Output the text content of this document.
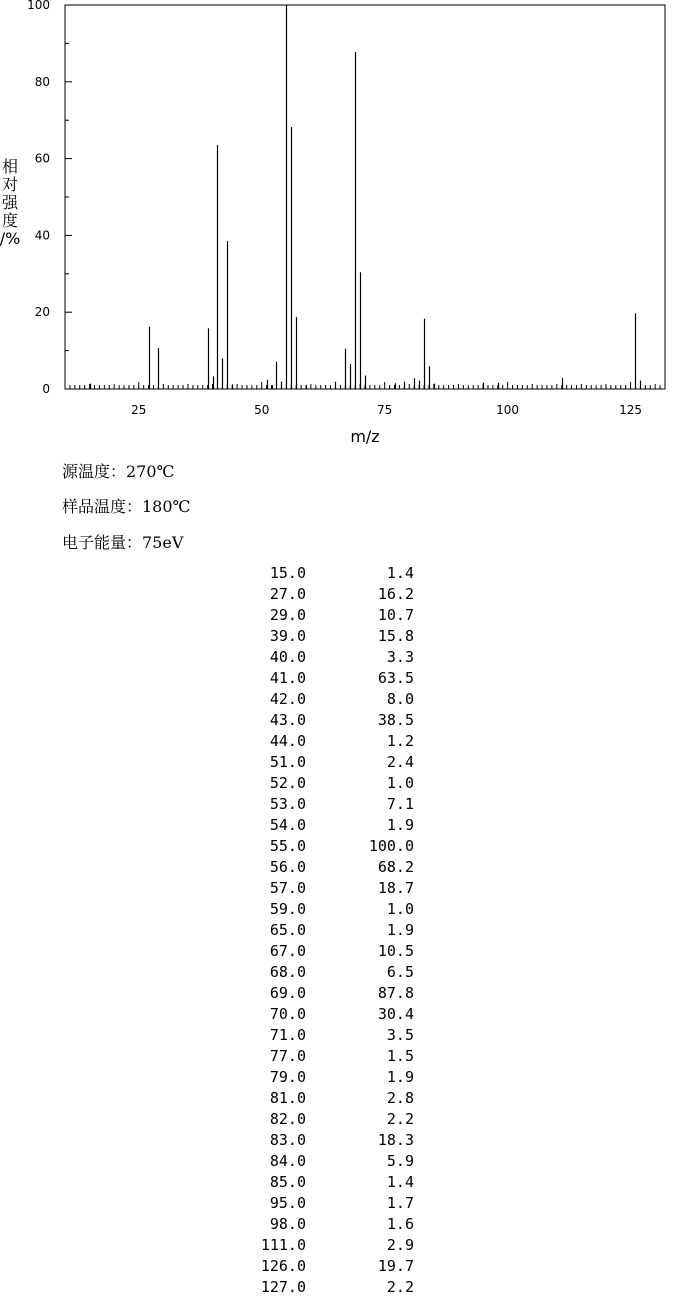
25	50	75	100	125
0
20
40
60
80
100
m/z
相
对
强
度
/%
源温度：270℃
样品温度：180℃
电子能量：75eV
15.0	1.4
27.0	16.2
29.0	10.7
39.0	15.8
40.0	3.3
41.0	63.5
42.0	8.0
43.0	38.5
44.0	1.2
51.0	2.4
52.0	1.0
53.0	7.1
54.0	1.9
55.0	100.0
56.0	68.2
57.0	18.7
59.0	1.0
65.0	1.9
67.0	10.5
68.0	6.5
69.0	87.8
70.0	30.4
71.0	3.5
77.0	1.5
79.0	1.9
81.0	2.8
82.0	2.2
83.0	18.3
84.0	5.9
85.0	1.4
95.0	1.7
98.0	1.6
111.0	2.9
126.0	19.7
127.0	2.2
